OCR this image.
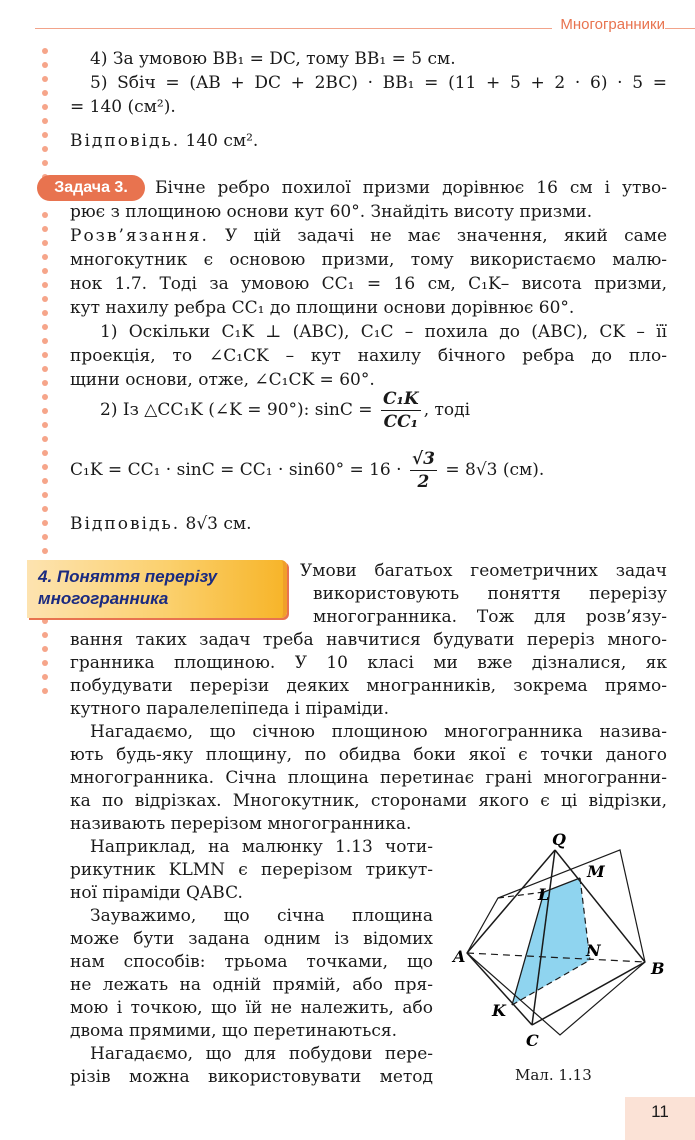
Многогранники
4) За умовою BB₁ = DC, тому BB₁ = 5 см.
5) Sбіч = (AB + DC + 2BC) · BB₁ = (11 + 5 + 2 · 6) · 5 =
= 140 (см²).
Відповідь. 140 см².
Задача 3.	Бічне ребро похилої призми дорівнює 16 см і утво-
рює з площиною основи кут 60°. Знайдіть висоту призми.
Розв’язання. У цій задачі не має значення, який саме
многокутник є основою призми, тому використаємо малю-
нок 1.7. Тоді за умовою CC₁ = 16 см, C₁K– висота призми,
кут нахилу ребра CC₁ до площини основи дорівнює 60°.
1) Оскільки C₁K ⊥ (ABC), C₁C – похила до (ABC), CK – її
проекція, то ∠C₁CK – кут нахилу бічного ребра до пло-
щини основи, отже, ∠C₁CK = 60°.
2) Із △CC₁K (∠K = 90°): $\sin C = \frac{\text{C₁K}}{\text{CC₁}}$ , тоді
$C_1K = CC_1 \cdot \sin C = CC_1 \cdot \sin 60^\circ = 16 \cdot \frac{√3}{2} = 8√3$ (см).
Відповідь. 8√3 см.
4. Поняття перерізу многогранника
Умови багатьох геометричних задач
використовують поняття перерізу
многогранника. Тож для розв’язу-
вання таких задач треба навчитися будувати переріз много-
гранника площиною. У 10 класі ми вже дізналися, як
побудувати перерізи деяких многранників, зокрема прямо-
кутного паралелепіпеда і піраміди.
Нагадаємо, що січною площиною многогранника назива-
ють будь-яку площину, по обидва боки якої є точки даного
многогранника. Січна площина перетинає грані многогранни-
ка по відрізках. Многокутник, сторонами якого є ці відрізки,
називають перерізом многогранника.
Наприклад, на малюнку 1.13 чоти-
рикутник KLMN є перерізом трикут-
ної піраміди QABC.
Зауважимо, що січна площина
може бути задана одним із відомих
нам способів: трьома точками, що
не лежать на одній прямій, або пря-
мою і точкою, що їй не належить, або
двома прямими, що перетинаються.
Нагадаємо, що для побудови пере-
різів можна використовувати метод
Q
M
L
N
A
B
K
C
Мал. 1.13
11
